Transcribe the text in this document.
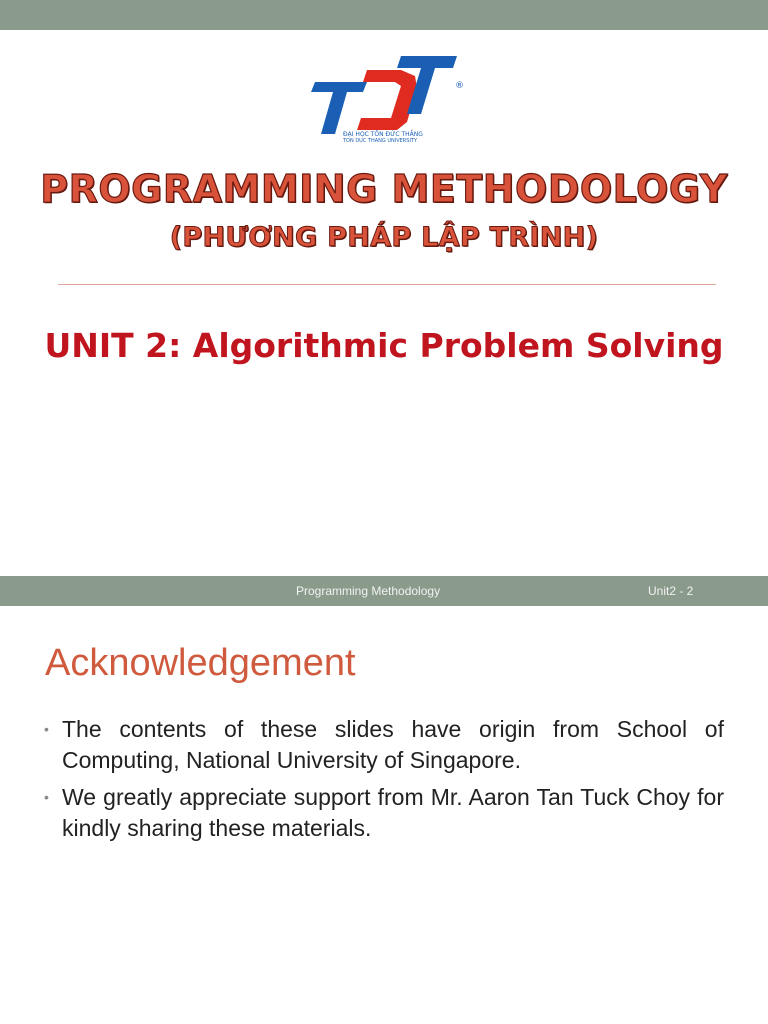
®
ĐẠI HỌC TÔN ĐỨC THẮNG
TON DUC THANG UNIVERSITY
PROGRAMMING METHODOLOGY
(PHƯƠNG PHÁP LẬP TRÌNH)
UNIT 2: Algorithmic Problem Solving
Programming Methodology	Unit2 - 2
Acknowledgement
• The contents of these slides have origin from School of Computing, National University of Singapore.
• We greatly appreciate support from Mr. Aaron Tan Tuck Choy for kindly sharing these materials.
